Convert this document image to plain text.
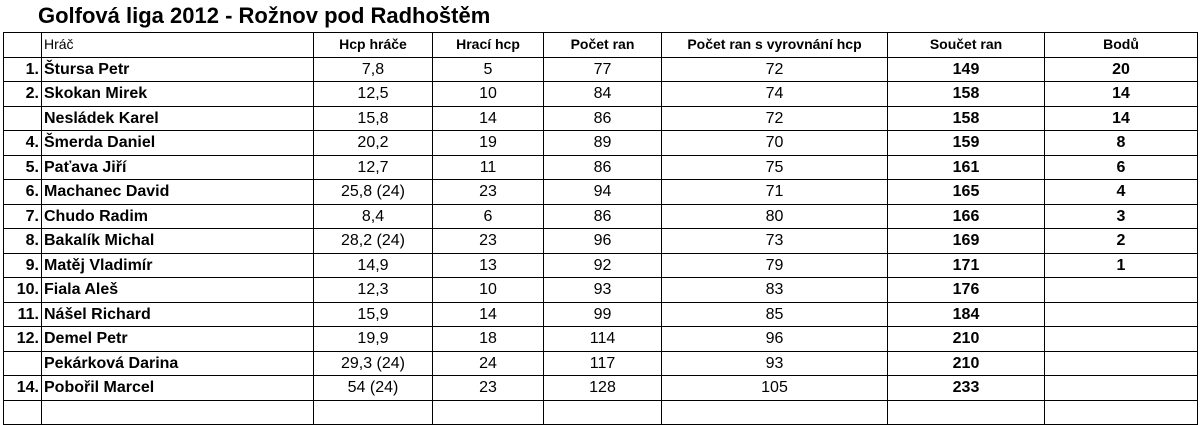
Golfová liga 2012 - Rožnov pod Radhoštěm
	Hráč	Hcp hráče	Hrací hcp	Počet ran	Počet ran s vyrovnání hcp	Součet ran	Bodů
1.	Štursa Petr	7,8	5	77	72	149	20
2.	Skokan Mirek	12,5	10	84	74	158	14
	Nesládek Karel	15,8	14	86	72	158	14
4.	Šmerda Daniel	20,2	19	89	70	159	8
5.	Paťava Jiří	12,7	11	86	75	161	6
6.	Machanec David	25,8 (24)	23	94	71	165	4
7.	Chudo Radim	8,4	6	86	80	166	3
8.	Bakalík Michal	28,2 (24)	23	96	73	169	2
9.	Matěj Vladimír	14,9	13	92	79	171	1
10.	Fiala Aleš	12,3	10	93	83	176	
11.	Nášel Richard	15,9	14	99	85	184	
12.	Demel Petr	19,9	18	114	96	210	
	Pekárková Darina	29,3 (24)	24	117	93	210	
14.	Pobořil Marcel	54 (24)	23	128	105	233	
